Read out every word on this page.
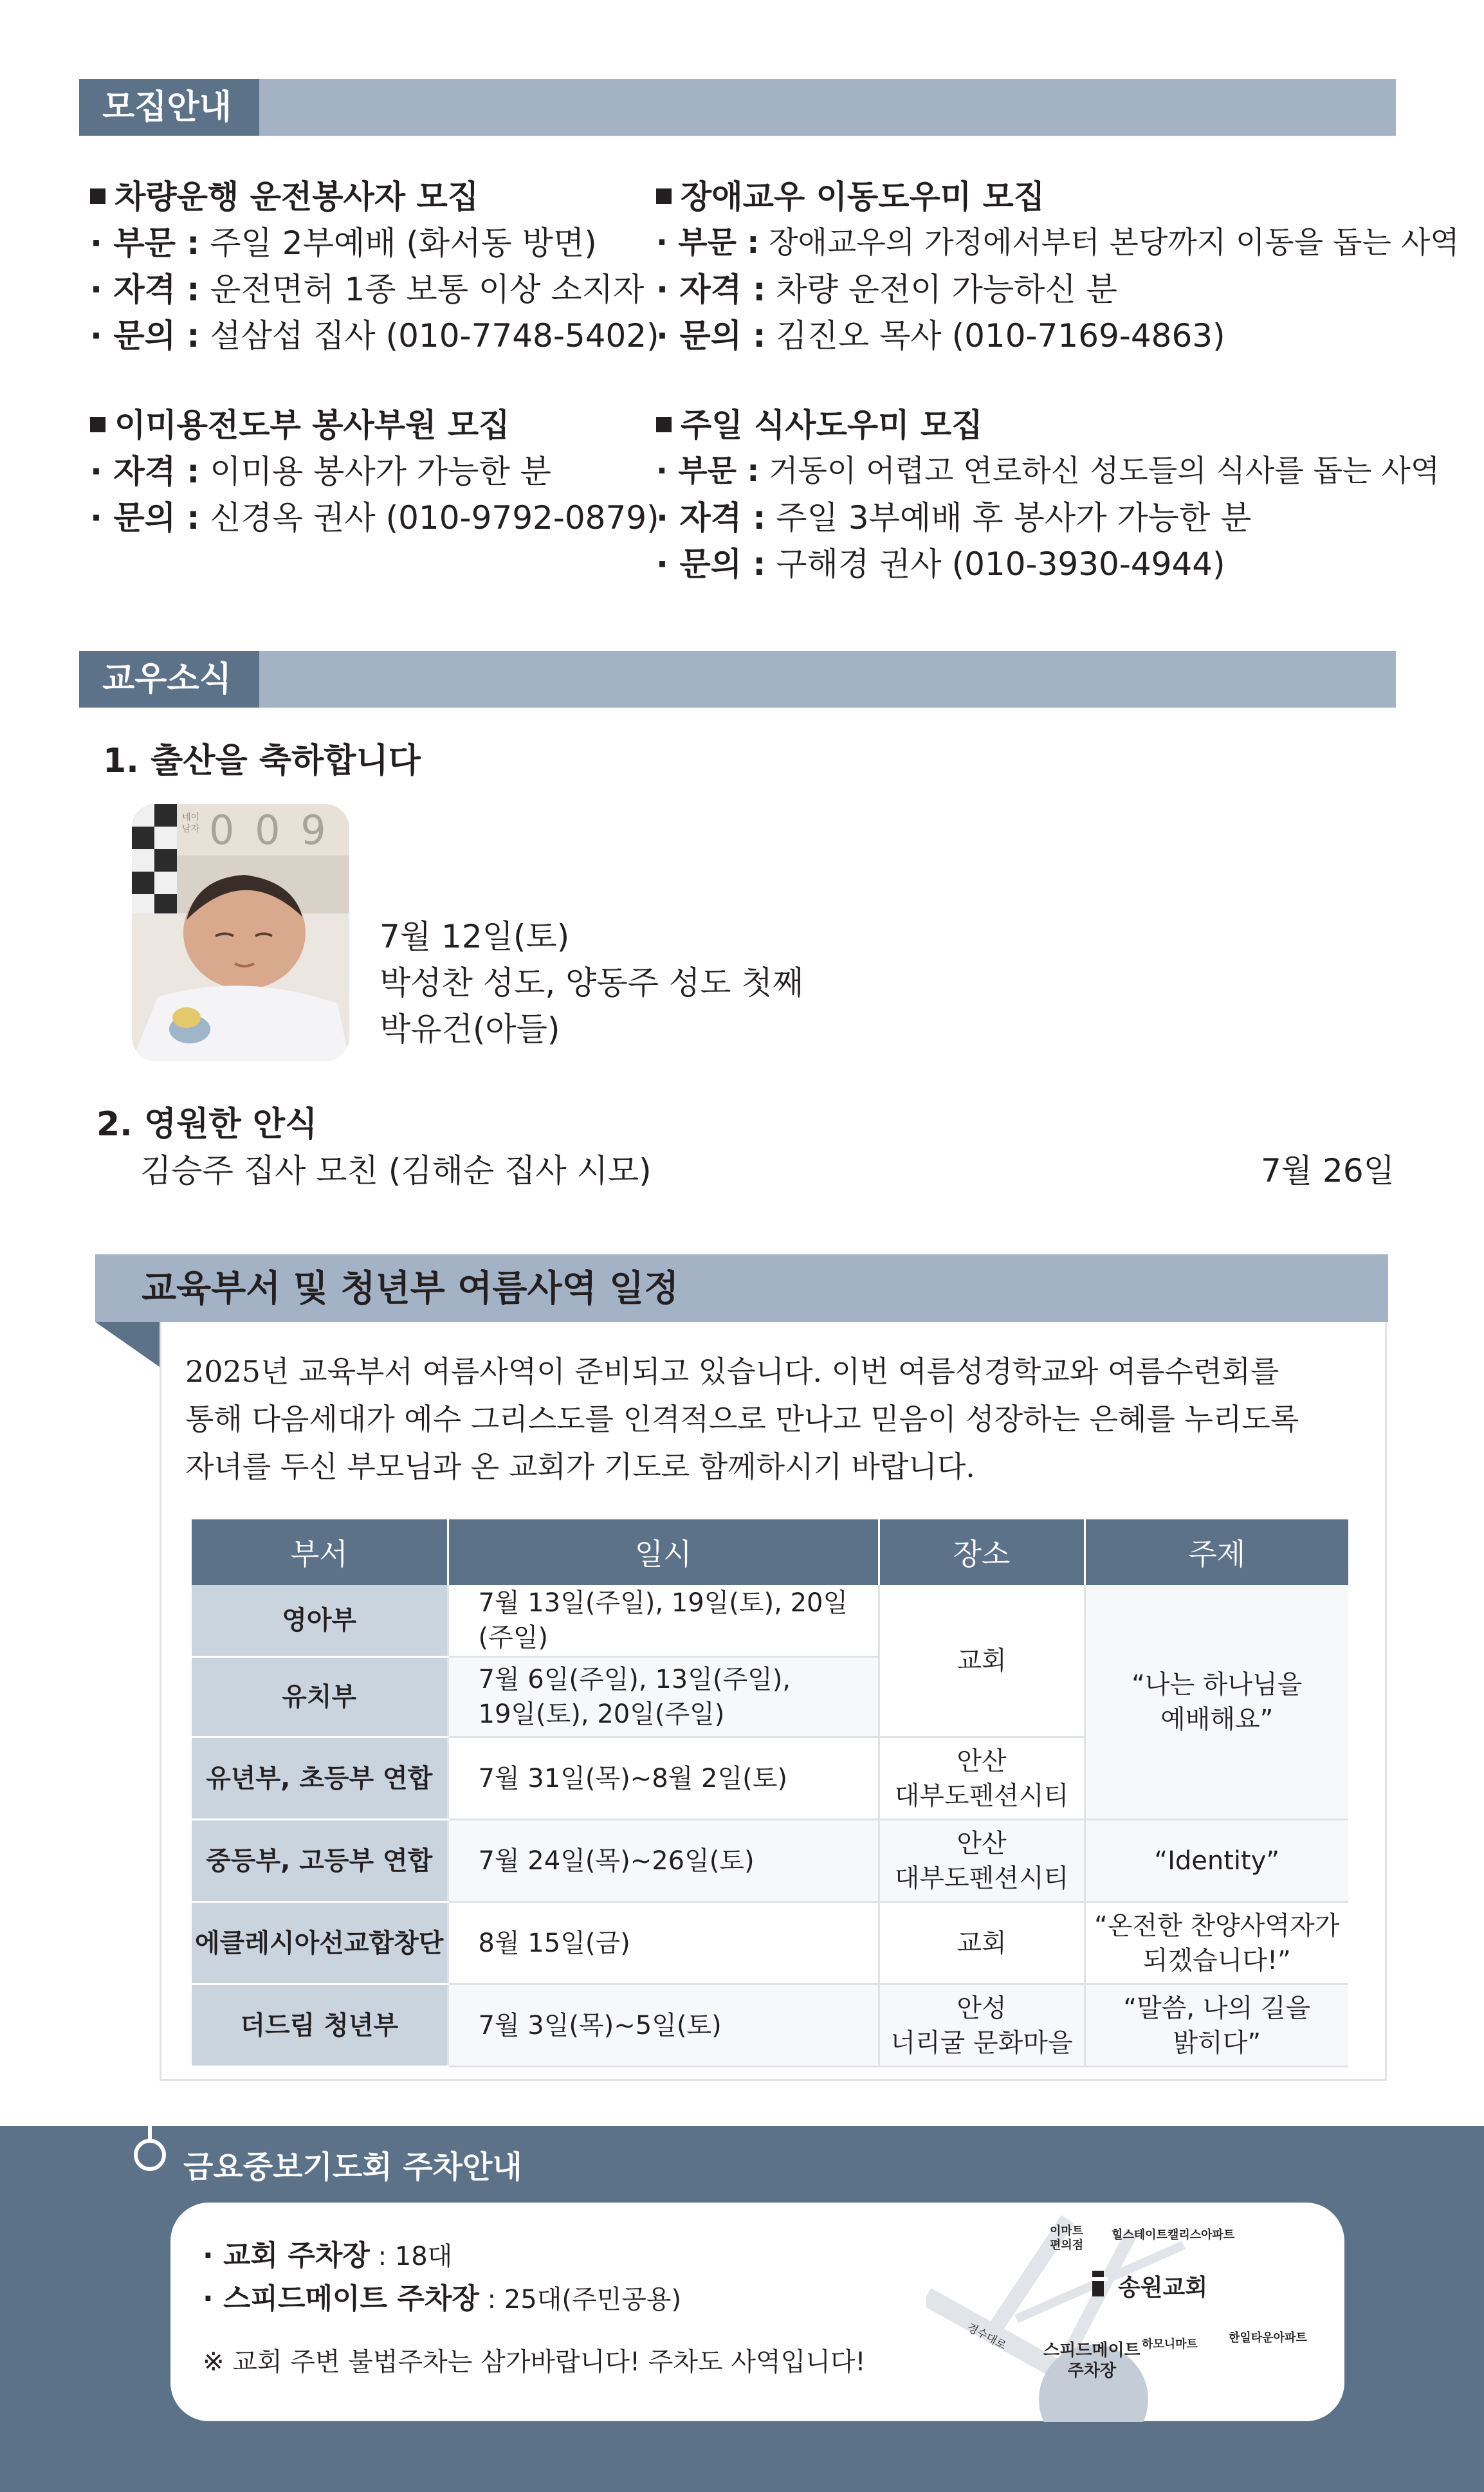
모집안내
차량운행 운전봉사자 모집
· 부문 : 주일 2부예배 (화서동 방면)
· 자격 : 운전면허 1종 보통 이상 소지자
· 문의 : 설삼섭 집사 (010-7748-5402)
장애교우 이동도우미 모집
· 부문 : 장애교우의 가정에서부터 본당까지 이동을 돕는 사역
· 자격 : 차량 운전이 가능하신 분
· 문의 : 김진오 목사 (010-7169-4863)
이미용전도부 봉사부원 모집
· 자격 : 이미용 봉사가 가능한 분
· 문의 : 신경옥 권사 (010-9792-0879)
주일 식사도우미 모집
· 부문 : 거동이 어렵고 연로하신 성도들의 식사를 돕는 사역
· 자격 : 주일 3부예배 후 봉사가 가능한 분
· 문의 : 구해경 권사 (010-3930-4944)
교우소식
1. 출산을 축하합니다
0 0 9
네이
남자
7월 12일(토)
박성찬 성도, 양동주 성도 첫째
박유건(아들)
2. 영원한 안식
김승주 집사 모친 (김해순 집사 시모)	7월 26일
교육부서 및 청년부 여름사역 일정
2025년 교육부서 여름사역이 준비되고 있습니다. 이번 여름성경학교와 여름수련회를
통해 다음세대가 예수 그리스도를 인격적으로 만나고 믿음이 성장하는 은혜를 누리도록
자녀를 두신 부모님과 온 교회가 기도로 함께하시기 바랍니다.
부서	일시	장소	주제
영아부	7월 13일(주일), 19일(토), 20일(주일)	교회	“나는 하나님을
예배해요”
유치부	7월 6일(주일), 13일(주일),
19일(토), 20일(주일)		
유년부, 초등부 연합	7월 31일(목)~8월 2일(토)	안산
대부도펜션시티	
중등부, 고등부 연합	7월 24일(목)~26일(토)	안산
대부도펜션시티	“Identity”
에클레시아선교합창단	8월 15일(금)	교회	“온전한 찬양사역자가
되겠습니다!”
더드림 청년부	7월 3일(목)~5일(토)	안성
너리굴 문화마을	“말씀, 나의 길을
밝히다”
금요중보기도회 주차안내
· 교회 주차장 : 18대
· 스피드메이트 주차장 : 25대(주민공용)
※ 교회 주변 불법주차는 삼가바랍니다! 주차도 사역입니다!
이마트
편의점
힐스테이트캘리스아파트
송원교회
경수대로 스피드메이트
주차장
하모니마트	한일타운아파트
